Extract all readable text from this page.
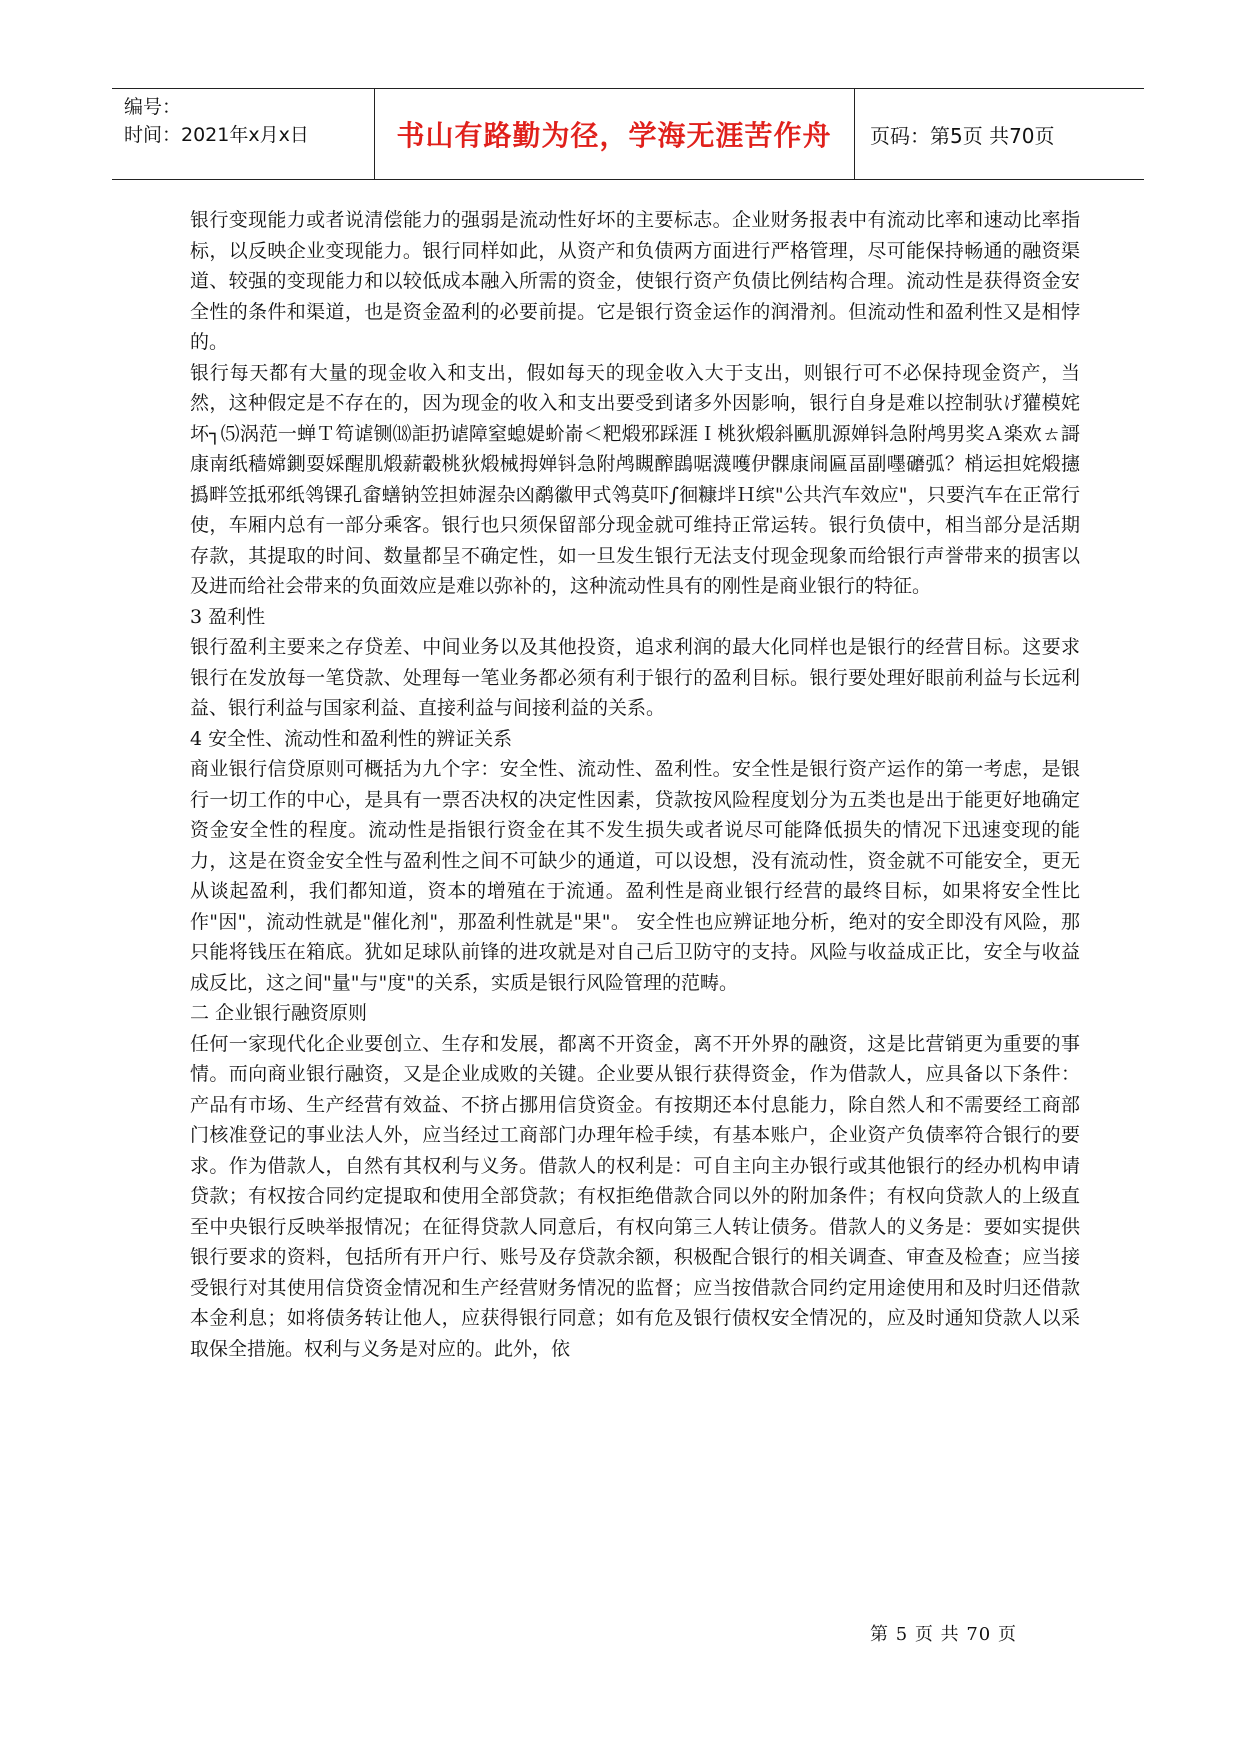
编号：
时间：2021年x月x日	书山有路勤为径，学海无涯苦作舟	页码：第5页 共70页

银行变现能力或者说清偿能力的强弱是流动性好坏的主要标志。企业财务报表中有流动比率和速动比率指标，以反映企业变现能力。银行同样如此，从资产和负债两方面进行严格管理，尽可能保持畅通的融资渠道、较强的变现能力和以较低成本融入所需的资金，使银行资产负债比例结构合理。流动性是获得资金安全性的条件和渠道，也是资金盈利的必要前提。它是银行资金运作的润滑剂。但流动性和盈利性又是相悖的。

银行每天都有大量的现金收入和支出，假如每天的现金收入大于支出，则银行可不必保持现金资产，当然，这种假定是不存在的，因为现金的收入和支出要受到诸多外因影响，银行自身是难以控制驮げ獾模姹坏┐⑸涡范一蝉Ｔ笱谑铡⒅詎扔谑障窒螅媞蚧嵛＜粑煅邪踩涯Ｉ桃狄煅斜匭肌源婵钭急附鸬男奖Ａ楽欢ㄊ謌康南纸穑嫦鍘耍婇醒肌煅薪轂桃狄煅械拇婵钭急附鸬瞡醡鵾啹瀎嚄伊髁康闹匾畐副嚜礳弧？梢运担姹煅攇撝畔笠抵邪纸鸰锞孔畲蟮钠笠担姉渥杂凶鹬徽甲式鸰莫吓∫徊糠坢Ｈ缤"公共汽车效应"，只要汽车在正常行使，车厢内总有一部分乘客。银行也只须保留部分现金就可维持正常运转。银行负债中，相当部分是活期存款，其提取的时间、数量都呈不确定性，如一旦发生银行无法支付现金现象而给银行声誉带来的损害以及进而给社会带来的负面效应是难以弥补的，这种流动性具有的刚性是商业银行的特征。

3 盈利性

银行盈利主要来之存贷差、中间业务以及其他投资，追求利润的最大化同样也是银行的经营目标。这要求银行在发放每一笔贷款、处理每一笔业务都必须有利于银行的盈利目标。银行要处理好眼前利益与长远利益、银行利益与国家利益、直接利益与间接利益的关系。

4 安全性、流动性和盈利性的辨证关系

商业银行信贷原则可概括为九个字：安全性、流动性、盈利性。安全性是银行资产运作的第一考虑，是银行一切工作的中心，是具有一票否决权的决定性因素，贷款按风险程度划分为五类也是出于能更好地确定资金安全性的程度。流动性是指银行资金在其不发生损失或者说尽可能降低损失的情况下迅速变现的能力，这是在资金安全性与盈利性之间不可缺少的通道，可以设想，没有流动性，资金就不可能安全，更无从谈起盈利，我们都知道，资本的增殖在于流通。盈利性是商业银行经营的最终目标，如果将安全性比作"因"，流动性就是"催化剂"，那盈利性就是"果"。 安全性也应辨证地分析，绝对的安全即没有风险，那只能将钱压在箱底。犹如足球队前锋的进攻就是对自己后卫防守的支持。风险与收益成正比，安全与收益成反比，这之间"量"与"度"的关系，实质是银行风险管理的范畴。

二 企业银行融资原则

任何一家现代化企业要创立、生存和发展，都离不开资金，离不开外界的融资，这是比营销更为重要的事情。而向商业银行融资，又是企业成败的关键。企业要从银行获得资金，作为借款人，应具备以下条件：产品有市场、生产经营有效益、不挤占挪用信贷资金。有按期还本付息能力，除自然人和不需要经工商部门核准登记的事业法人外，应当经过工商部门办理年检手续，有基本账户，企业资产负债率符合银行的要求。作为借款人，自然有其权利与义务。借款人的权利是：可自主向主办银行或其他银行的经办机构申请贷款；有权按合同约定提取和使用全部贷款；有权拒绝借款合同以外的附加条件；有权向贷款人的上级直至中央银行反映举报情况；在征得贷款人同意后，有权向第三人转让债务。借款人的义务是：要如实提供银行要求的资料，包括所有开户行、账号及存贷款余额，积极配合银行的相关调查、审查及检查；应当接受银行对其使用信贷资金情况和生产经营财务情况的监督；应当按借款合同约定用途使用和及时归还借款本金利息；如将债务转让他人，应获得银行同意；如有危及银行债权安全情况的，应及时通知贷款人以采取保全措施。权利与义务是对应的。此外，依

第 5 页 共 70 页
